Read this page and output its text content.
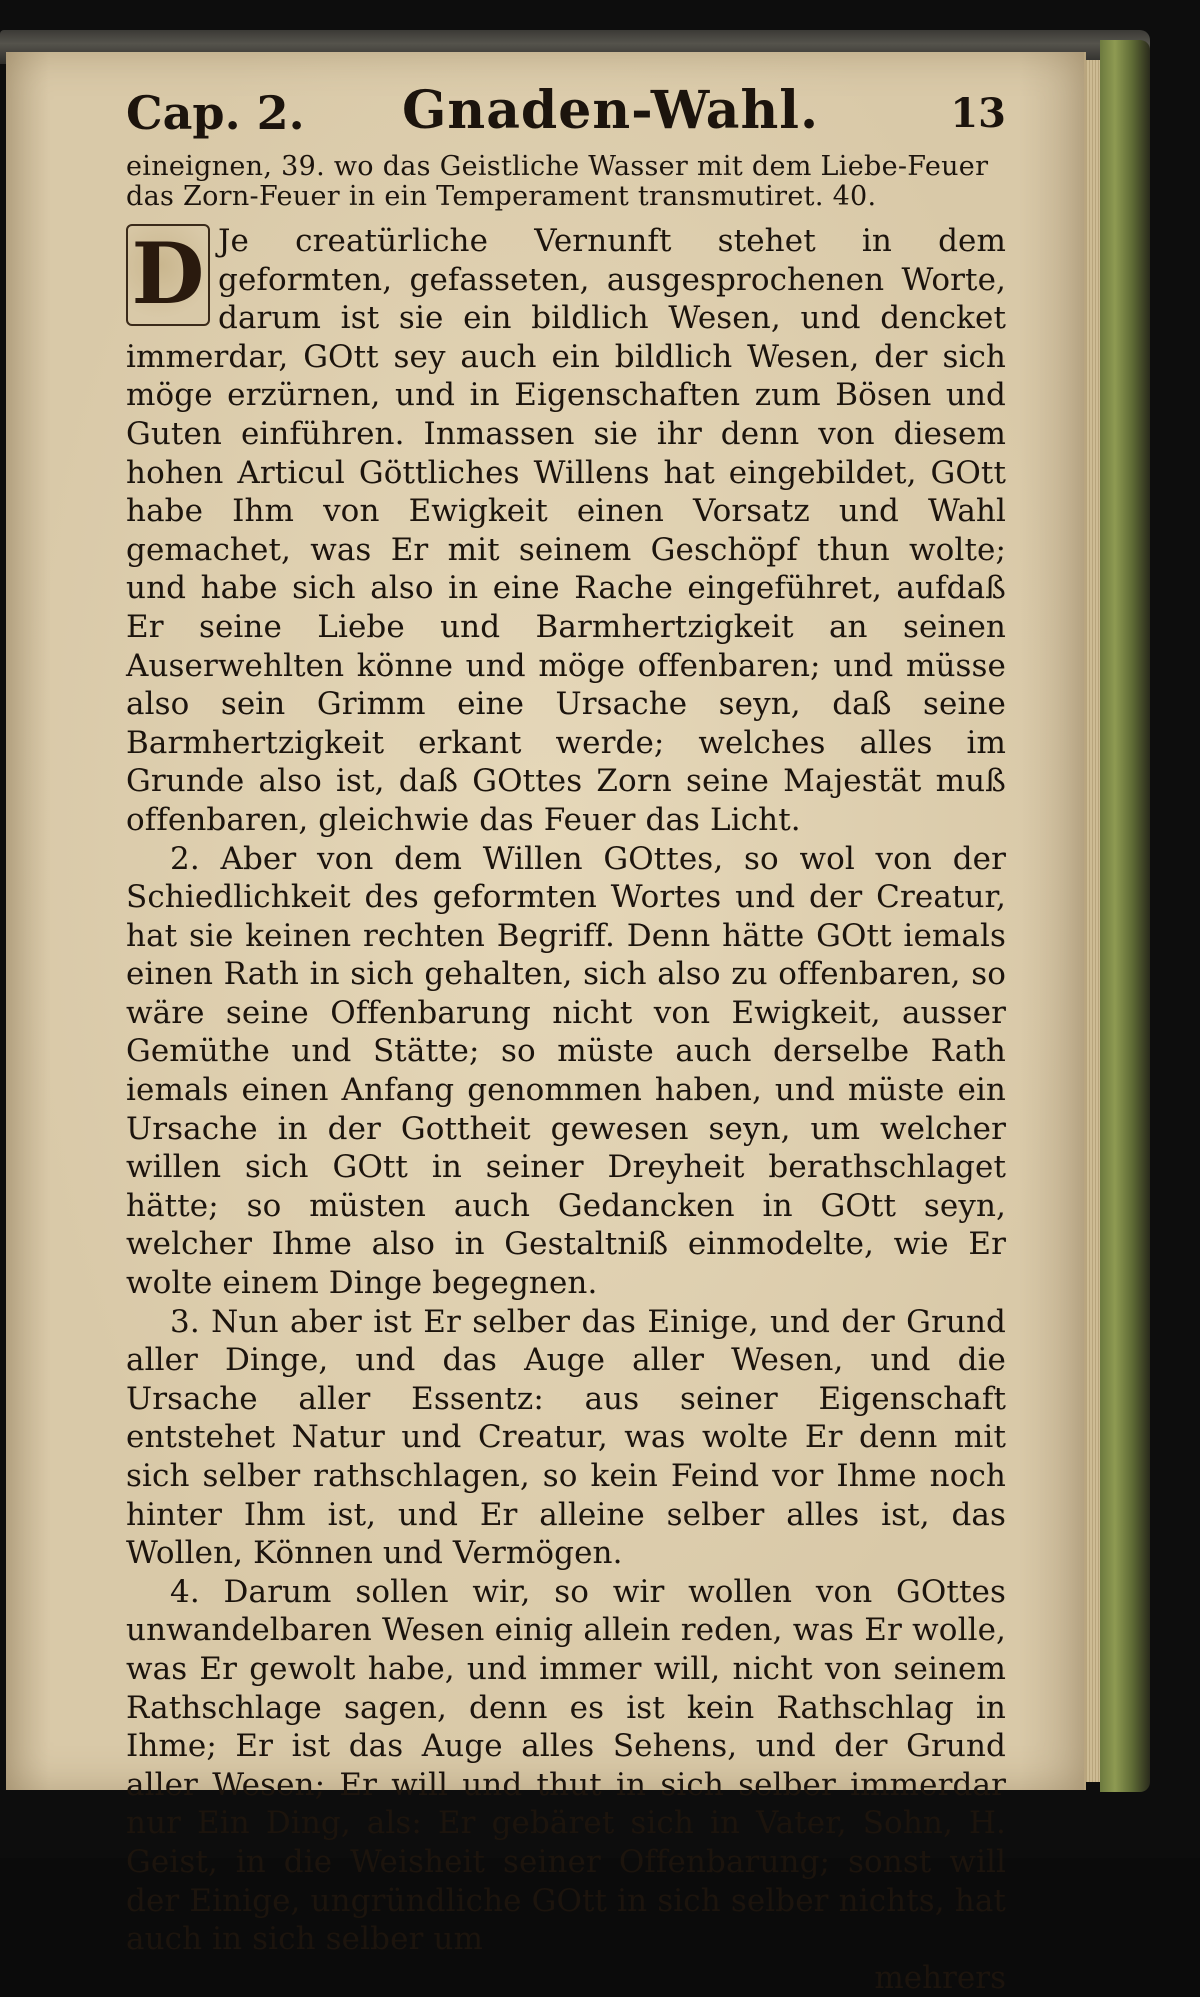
Cap. 2. Gnaden-Wahl.	13

eineignen, 39. wo das Geistliche Wasser mit dem Liebe-Feuer das Zorn-Feuer in ein Temperament transmutiret. 40.

D Je creatürliche Vernunft stehet in dem geformten, gefasseten, ausgesprochenen Worte, darum ist sie ein bildlich Wesen, und dencket immerdar, GOtt sey auch ein bildlich Wesen, der sich möge erzürnen, und in Eigenschaften zum Bösen und Guten einführen. Inmassen sie ihr denn von diesem hohen Articul Göttliches Willens hat eingebildet, GOtt habe Ihm von Ewigkeit einen Vorsatz und Wahl gemachet, was Er mit seinem Geschöpf thun wolte; und habe sich also in eine Rache eingeführet, aufdaß Er seine Liebe und Barmhertzigkeit an seinen Auserwehlten könne und möge offenbaren; und müsse also sein Grimm eine Ursache seyn, daß seine Barmhertzigkeit erkant werde; welches alles im Grunde also ist, daß GOttes Zorn seine Majestät muß offenbaren, gleichwie das Feuer das Licht.

2. Aber von dem Willen GOttes, so wol von der Schiedlichkeit des geformten Wortes und der Creatur, hat sie keinen rechten Begriff. Denn hätte GOtt iemals einen Rath in sich gehalten, sich also zu offenbaren, so wäre seine Offenbarung nicht von Ewigkeit, ausser Gemüthe und Stätte; so müste auch derselbe Rath iemals einen Anfang genommen haben, und müste ein Ursache in der Gottheit gewesen seyn, um welcher willen sich GOtt in seiner Dreyheit berathschlaget hätte; so müsten auch Gedancken in GOtt seyn, welcher Ihme also in Gestaltniß einmodelte, wie Er wolte einem Dinge begegnen.

3. Nun aber ist Er selber das Einige, und der Grund aller Dinge, und das Auge aller Wesen, und die Ursache aller Essentz: aus seiner Eigenschaft entstehet Natur und Creatur, was wolte Er denn mit sich selber rathschlagen, so kein Feind vor Ihme noch hinter Ihm ist, und Er alleine selber alles ist, das Wollen, Können und Vermögen.

4. Darum sollen wir, so wir wollen von GOttes unwandelbaren Wesen einig allein reden, was Er wolle, was Er gewolt habe, und immer will, nicht von seinem Rathschlage sagen, denn es ist kein Rathschlag in Ihme; Er ist das Auge alles Sehens, und der Grund aller Wesen; Er will und thut in sich selber immerdar nur Ein Ding, als: Er gebäret sich in Vater, Sohn, H. Geist, in die Weisheit seiner Offenbarung; sonst will der Einige, ungründliche GOtt in sich selber nichts, hat auch in sich selber um

mehrers
